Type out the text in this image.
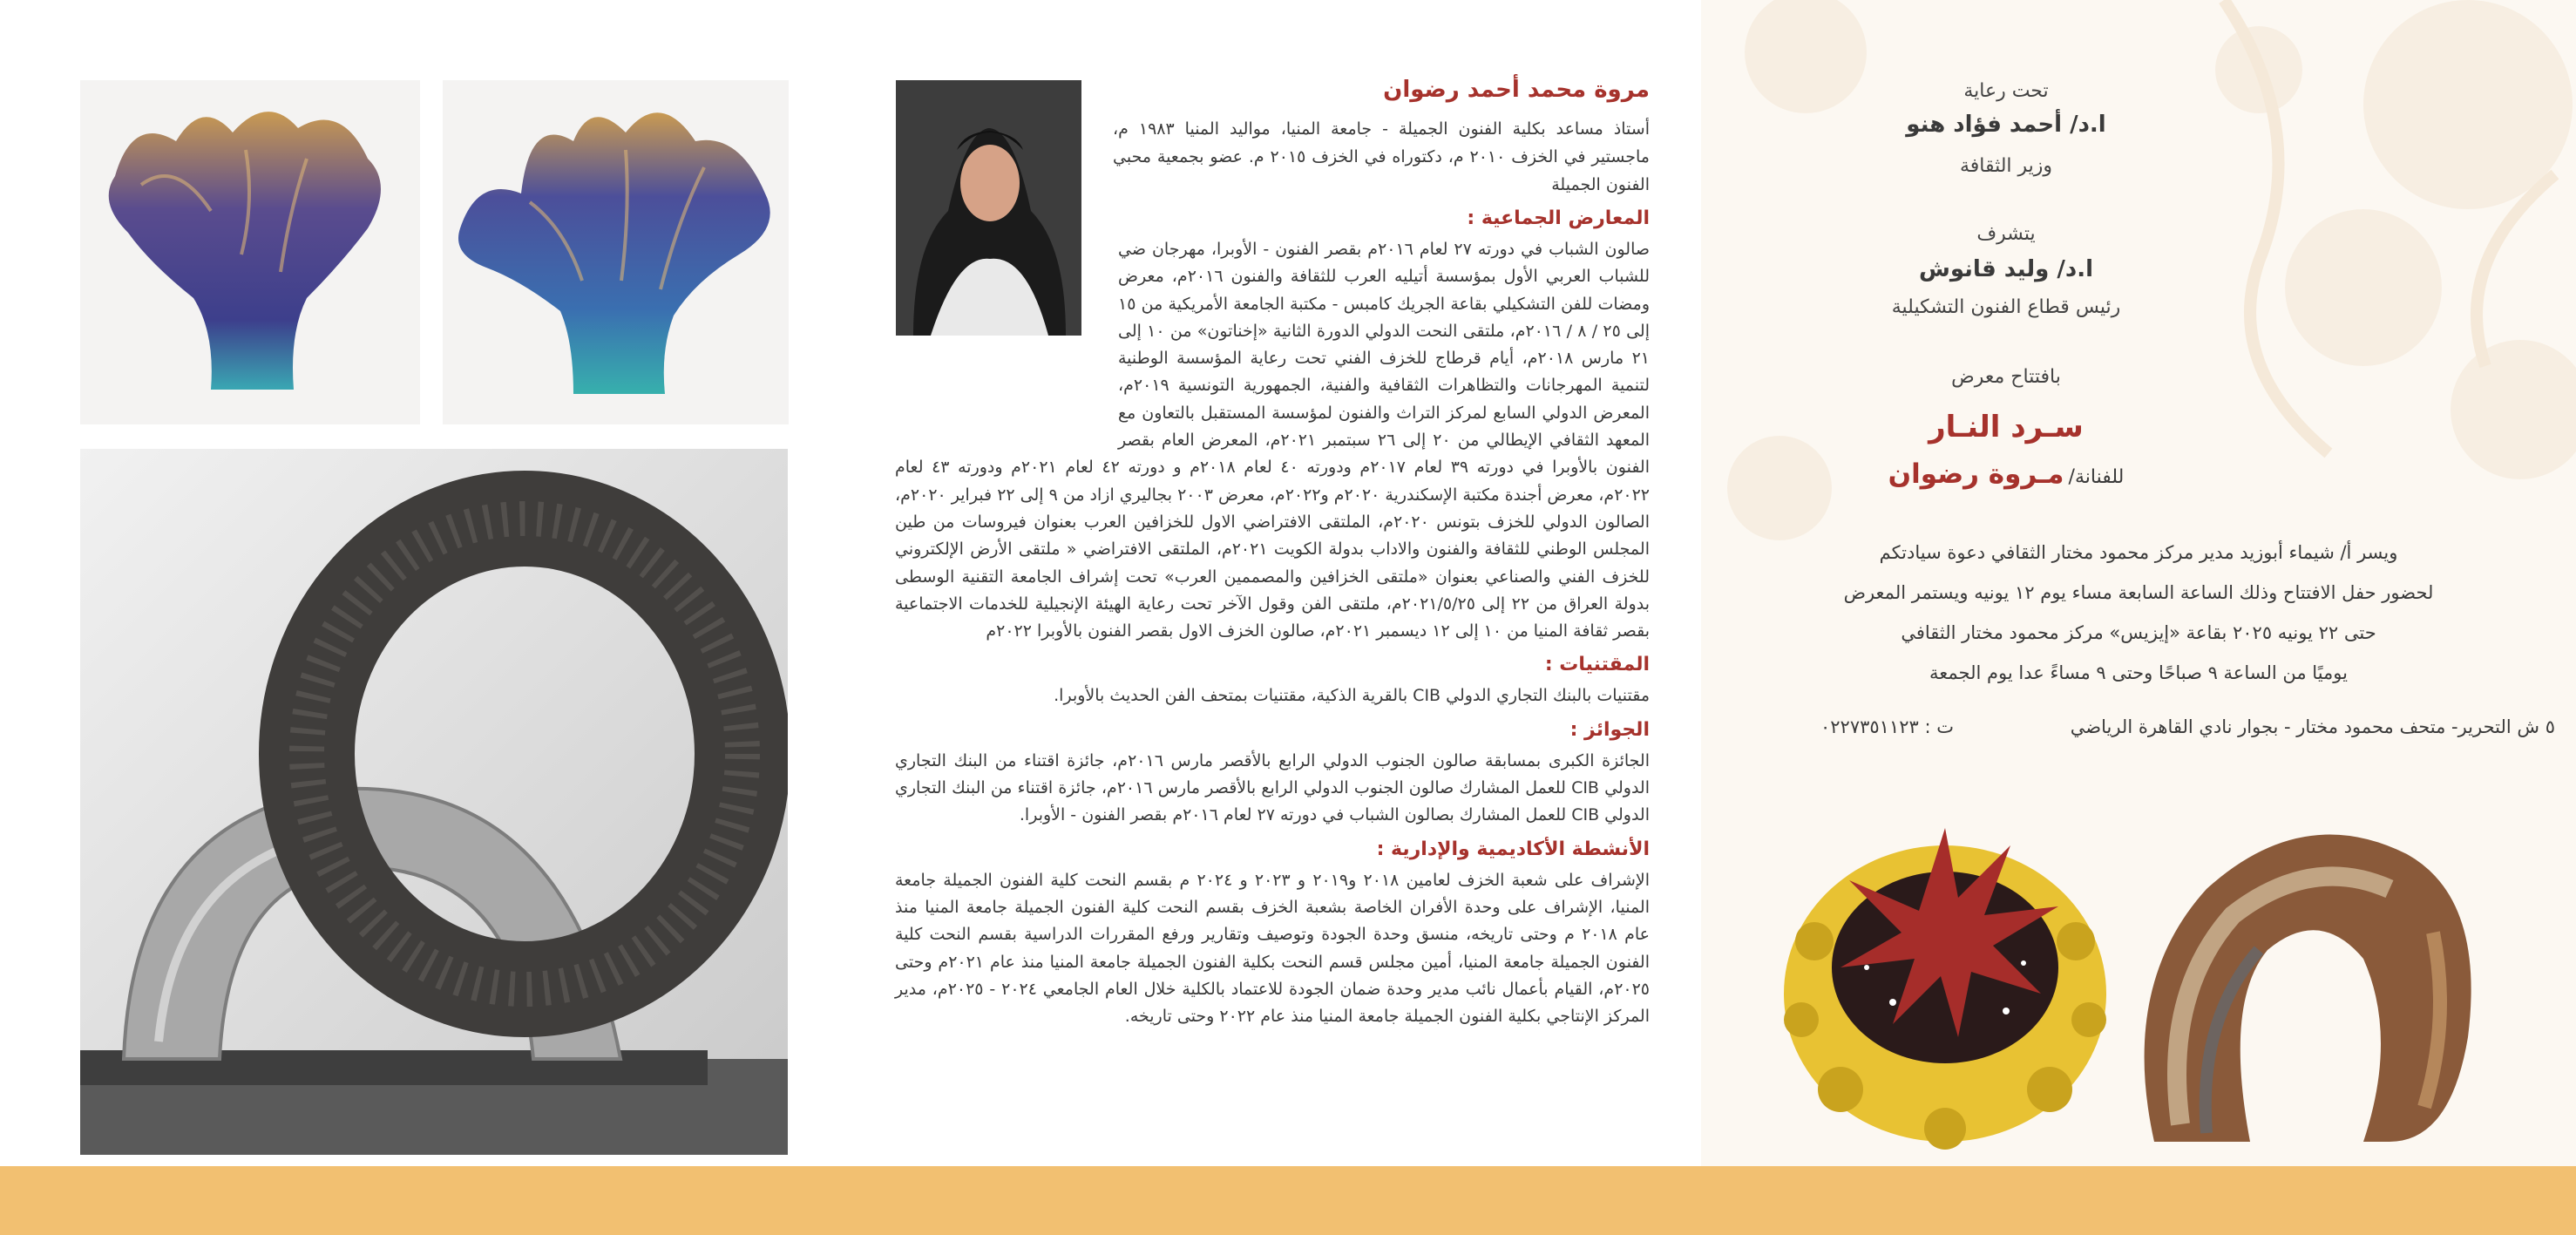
مروة محمد أحمد رضوان

أستاذ مساعد بكلية الفنون الجميلة - جامعة المنيا، مواليد المنيا ١٩٨٣ م، ماجستير في الخزف ٢٠١٠ م، دكتوراه في الخزف ٢٠١٥ م. عضو بجمعية محبي الفنون الجميلة

المعارض الجماعية :

صالون الشباب في دورته ٢٧ لعام ٢٠١٦م بقصر الفنون - الأوبرا، مهرجان ضي للشباب العربي الأول بمؤسسة أتيليه العرب للثقافة والفنون ٢٠١٦م، معرض ومضات للفن التشكيلي بقاعة الجريك كامبس - مكتبة الجامعة الأمريكية من ١٥ إلى ٢٥ / ٨ / ٢٠١٦م، ملتقى النحت الدولي الدورة الثانية «إخناتون» من ١٠ إلى ٢١ مارس ٢٠١٨م، أيام قرطاج للخزف الفني تحت رعاية المؤسسة الوطنية لتنمية المهرجانات والتظاهرات الثقافية والفنية، الجمهورية التونسية ٢٠١٩م، المعرض الدولي السابع لمركز التراث والفنون لمؤسسة المستقبل بالتعاون مع المعهد الثقافي الإيطالي من ٢٠ إلى ٢٦ سبتمبر ٢٠٢١م، المعرض العام بقصر الفنون بالأوبرا في دورته ٣٩ لعام ٢٠١٧م ودورته ٤٠ لعام ٢٠١٨م و دورته ٤٢ لعام ٢٠٢١م ودورته ٤٣ لعام ٢٠٢٢م، معرض أجندة مكتبة الإسكندرية ٢٠٢٠م و٢٠٢٢م، معرض ٢٠٠٣ بجاليري ازاد من ٩ إلى ٢٢ فبراير ٢٠٢٠م، الصالون الدولي للخزف بتونس ٢٠٢٠م، الملتقى الافتراضي الاول للخزافين العرب بعنوان فيروسات من طين المجلس الوطني للثقافة والفنون والاداب بدولة الكويت ٢٠٢١م، الملتقى الافتراضي « ملتقى الأرض الإلكتروني للخزف الفني والصناعي بعنوان «ملتقى الخزافين والمصممين العرب» تحت إشراف الجامعة التقنية الوسطى بدولة العراق من ٢٢ إلى ٢٠٢١/٥/٢٥م، ملتقى الفن وقول الآخر تحت رعاية الهيئة الإنجيلية للخدمات الاجتماعية بقصر ثقافة المنيا من ١٠ إلى ١٢ ديسمبر ٢٠٢١م، صالون الخزف الاول بقصر الفنون بالأوبرا ٢٠٢٢م

المقتنيات :

مقتنيات بالبنك التجاري الدولي CIB بالقرية الذكية، مقتنيات بمتحف الفن الحديث بالأوبرا.

الجوائز :

الجائزة الكبرى بمسابقة صالون الجنوب الدولي الرابع بالأقصر مارس ٢٠١٦م، جائزة اقتناء من البنك التجاري الدولي CIB للعمل المشارك صالون الجنوب الدولي الرابع بالأقصر مارس ٢٠١٦م، جائزة اقتناء من البنك التجاري الدولي CIB للعمل المشارك بصالون الشباب في دورته ٢٧ لعام ٢٠١٦م بقصر الفنون - الأوبرا.

الأنشطة الأكاديمية والإدارية :

الإشراف على شعبة الخزف لعامين ٢٠١٨ و٢٠١٩ و ٢٠٢٣ و ٢٠٢٤ م بقسم النحت كلية الفنون الجميلة جامعة المنيا، الإشراف على وحدة الأفران الخاصة بشعبة الخزف بقسم النحت كلية الفنون الجميلة جامعة المنيا منذ عام ٢٠١٨ م وحتى تاريخه، منسق وحدة الجودة وتوصيف وتقارير ورفع المقررات الدراسية بقسم النحت كلية الفنون الجميلة جامعة المنيا، أمين مجلس قسم النحت بكلية الفنون الجميلة جامعة المنيا منذ عام ٢٠٢١م وحتى ٢٠٢٥م، القيام بأعمال نائب مدير وحدة ضمان الجودة للاعتماد بالكلية خلال العام الجامعي ٢٠٢٤ - ٢٠٢٥م، مدير المركز الإنتاجي بكلية الفنون الجميلة جامعة المنيا منذ عام ٢٠٢٢ وحتى تاريخه.

تحت رعاية
ا.د/ أحمد فؤاد هنو
وزير الثقافة
يتشرف
ا.د/ وليد قانوش
رئيس قطاع الفنون التشكيلية
بافتتاح معرض
سـرد النـار
للفنانة/ مـروة رضوان
ويسر أ/ شيماء أبوزيد مدير مركز محمود مختار الثقافي دعوة سيادتكم
لحضور حفل الافتتاح وذلك الساعة السابعة مساء يوم ١٢ يونيه ويستمر المعرض
حتى ٢٢ يونيه ٢٠٢٥ بقاعة «إيزيس» مركز محمود مختار الثقافي
يوميًا من الساعة ٩ صباحًا وحتى ٩ مساءً عدا يوم الجمعة
٥ ش التحرير- متحف محمود مختار - بجوار نادي القاهرة الرياضي
ت : ٠٢٢٧٣٥١١٢٣
